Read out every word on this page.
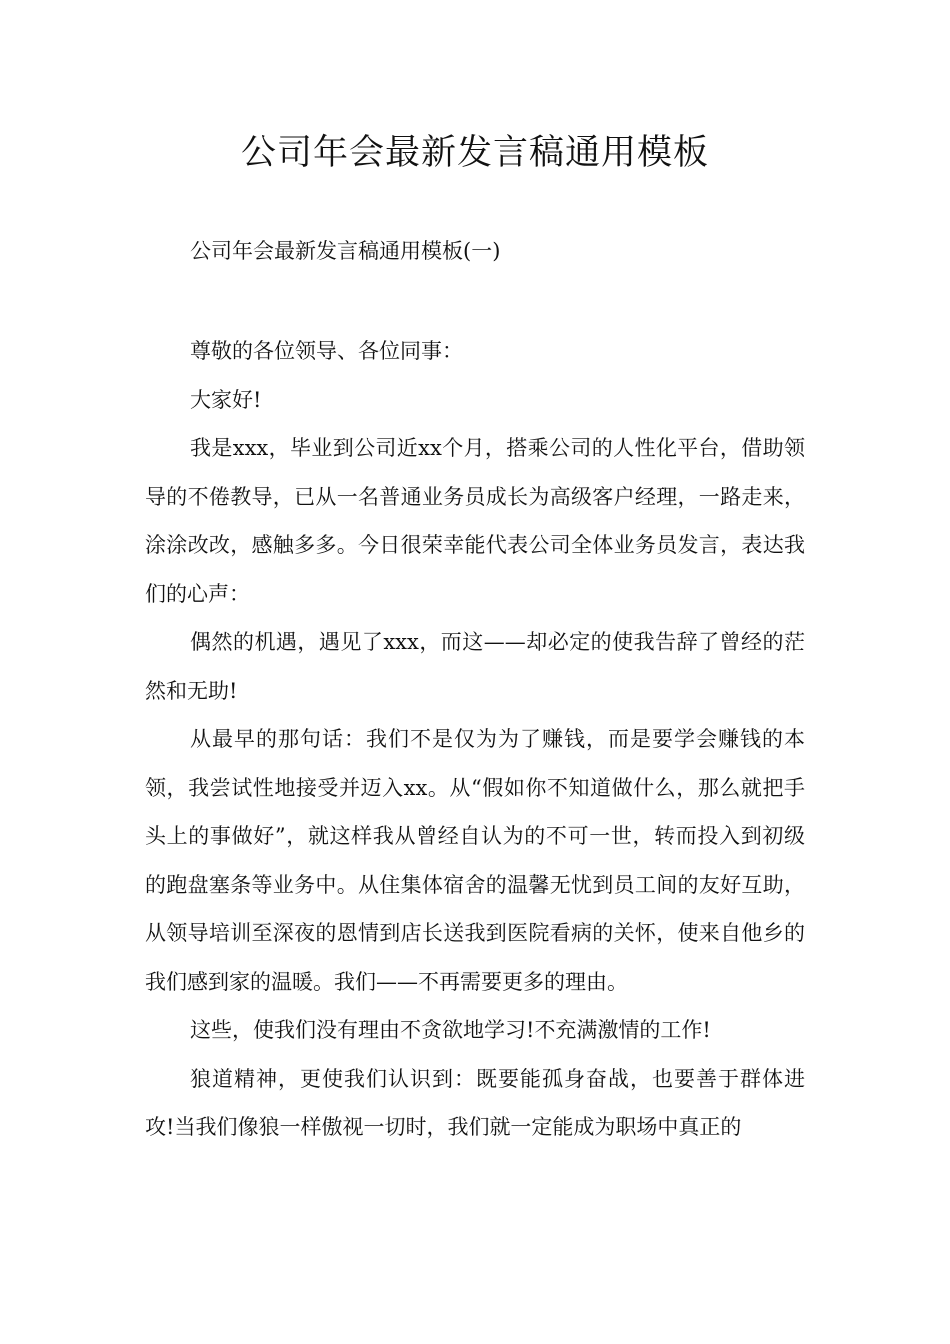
公司年会最新发言稿通用模板
公司年会最新发言稿通用模板(一)

尊敬的各位领导、各位同事：

大家好!

我是xxx，毕业到公司近xx个月，搭乘公司的人性化平台，借助领导的不倦教导，已从一名普通业务员成长为高级客户经理，一路走来，涂涂改改，感触多多。今日很荣幸能代表公司全体业务员发言，表达我们的心声：

偶然的机遇，遇见了xxx，而这——却必定的使我告辞了曾经的茫然和无助!

从最早的那句话：我们不是仅为为了赚钱，而是要学会赚钱的本领，我尝试性地接受并迈入xx。从“假如你不知道做什么，那么就把手头上的事做好”，就这样我从曾经自认为的不可一世，转而投入到初级的跑盘塞条等业务中。从住集体宿舍的温馨无忧到员工间的友好互助，从领导培训至深夜的恩情到店长送我到医院看病的关怀，使来自他乡的我们感到家的温暖。我们——不再需要更多的理由。

这些，使我们没有理由不贪欲地学习!不充满激情的工作!

狼道精神，更使我们认识到：既要能孤身奋战，也要善于群体进攻!当我们像狼一样傲视一切时，我们就一定能成为职场中真正的
